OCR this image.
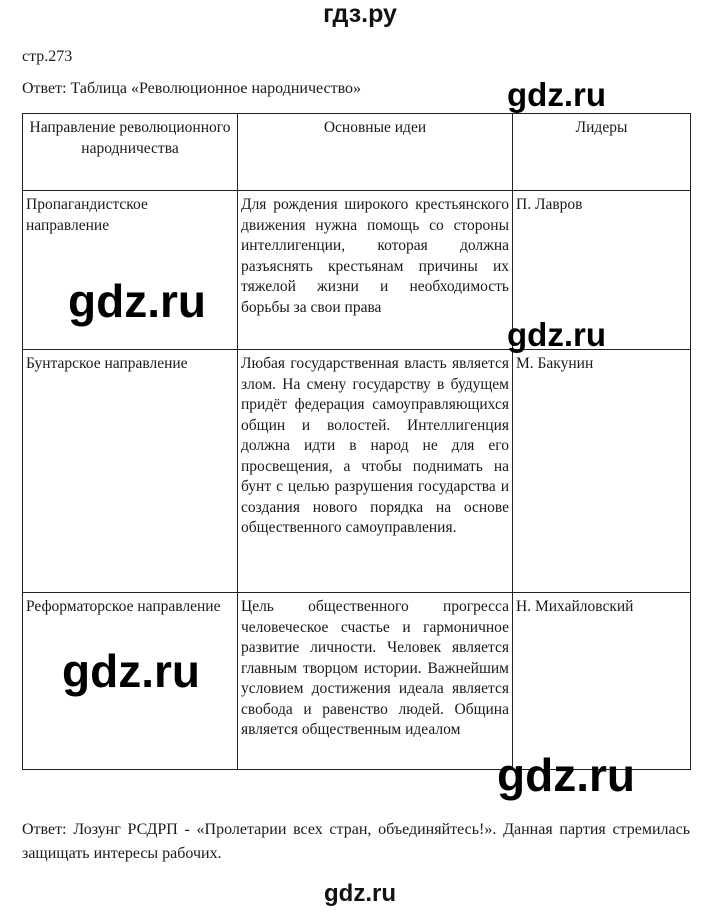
гдз.ру
стр.273
Ответ: Таблица «Революционное народничество»
Направление революционного народничества	Основные идеи	Лидеры
Пропагандистское направление	Для рождения широкого крестьянского движения нужна помощь со стороны интеллигенции, которая должна разъяснять крестьянам причины их тяжелой жизни и необходимость борьбы за свои права	П. Лавров
Бунтарское направление	Любая государственная власть является злом. На смену государству в будущем придёт федерация самоуправляющихся общин и волостей. Интеллигенция должна идти в народ не для его просвещения, а чтобы поднимать на бунт с целью разрушения государства и создания нового порядка на основе общественного самоуправления.	М. Бакунин
Реформаторское направление	Цель общественного прогресса человеческое счастье и гармоничное развитие личности. Человек является главным творцом истории. Важнейшим условием достижения идеала является свобода и равенство людей. Община является общественным идеалом	Н. Михайловский
gdz.ru
gdz.ru
gdz.ru
gdz.ru
gdz.ru
Ответ: Лозунг РСДРП - «Пролетарии всех стран, объединяйтесь!». Данная партия стремилась защищать интересы рабочих.
gdz.ru
